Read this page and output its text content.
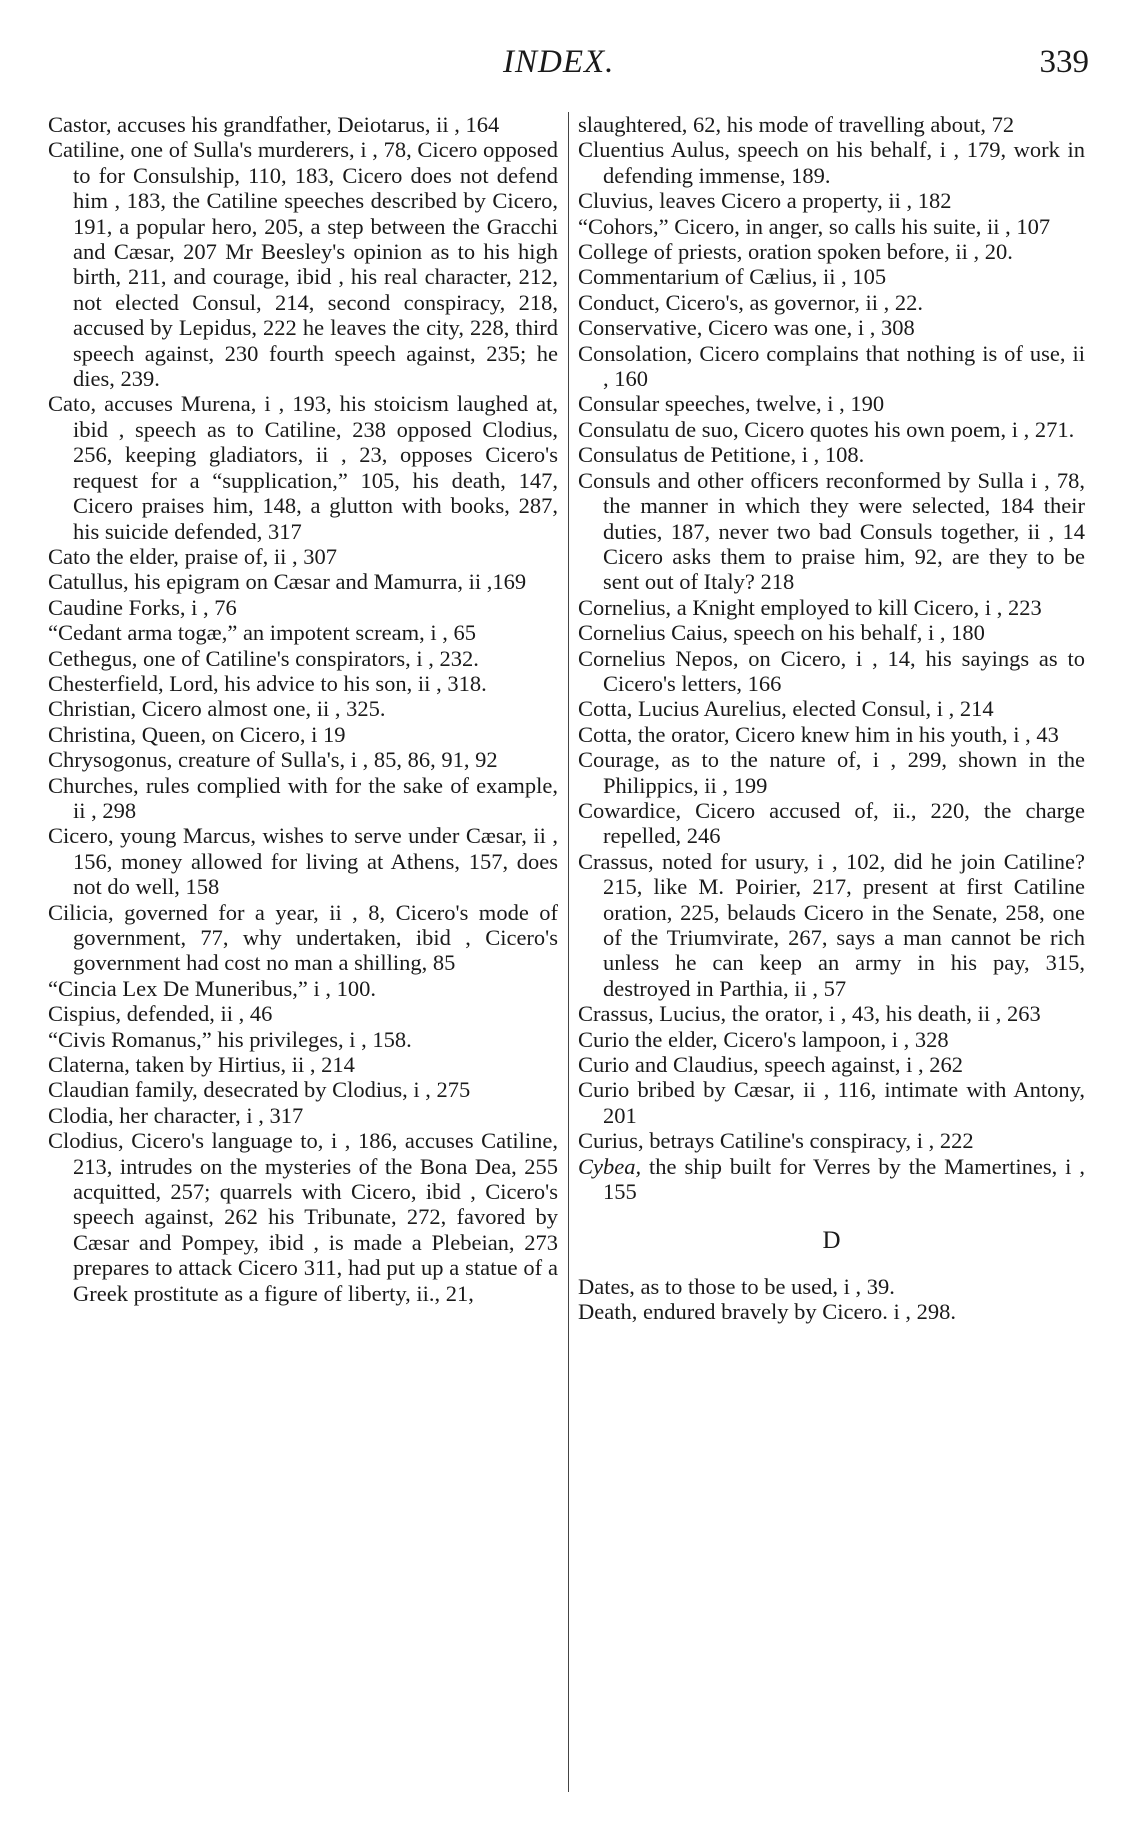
INDEX.	339

Castor, accuses his grandfather, Deiotarus, ii , 164

Catiline, one of Sulla's murderers, i , 78, Cicero opposed to for Consulship, 110, 183, Cicero does not defend him , 183, the Catiline speeches described by Cicero, 191, a popular hero, 205, a step between the Gracchi and Cæsar, 207 Mr Beesley's opinion as to his high birth, 211, and courage, ibid , his real character, 212, not elected Consul, 214, second conspiracy, 218, accused by Lepidus, 222 he leaves the city, 228, third speech against, 230 fourth speech against, 235; he dies, 239.

Cato, accuses Murena, i , 193, his stoicism laughed at, ibid , speech as to Catiline, 238 opposed Clodius, 256, keeping gladiators, ii , 23, opposes Cicero's request for a “supplication,” 105, his death, 147, Cicero praises him, 148, a glutton with books, 287, his suicide defended, 317

Cato the elder, praise of, ii , 307

Catullus, his epigram on Cæsar and Mamurra, ii ,169

Caudine Forks, i , 76

“Cedant arma togæ,” an impotent scream, i , 65

Cethegus, one of Catiline's conspirators, i , 232.

Chesterfield, Lord, his advice to his son, ii , 318.

Christian, Cicero almost one, ii , 325.

Christina, Queen, on Cicero, i 19

Chrysogonus, creature of Sulla's, i , 85, 86, 91, 92

Churches, rules complied with for the sake of example, ii , 298

Cicero, young Marcus, wishes to serve under Cæsar, ii , 156, money allowed for living at Athens, 157, does not do well, 158

Cilicia, governed for a year, ii , 8, Cicero's mode of government, 77, why undertaken, ibid , Cicero's government had cost no man a shilling, 85

“Cincia Lex De Muneribus,” i , 100.

Cispius, defended, ii , 46

“Civis Romanus,” his privileges, i , 158.

Claterna, taken by Hirtius, ii , 214

Claudian family, desecrated by Clodius, i , 275

Clodia, her character, i , 317

Clodius, Cicero's language to, i , 186, accuses Catiline, 213, intrudes on the mysteries of the Bona Dea, 255 acquitted, 257; quarrels with Cicero, ibid , Cicero's speech against, 262 his Tribunate, 272, favored by Cæsar and Pompey, ibid , is made a Plebeian, 273 prepares to attack Cicero 311, had put up a statue of a Greek prostitute as a figure of liberty, ii., 21,

slaughtered, 62, his mode of travelling about, 72

Cluentius Aulus, speech on his behalf, i , 179, work in defending immense, 189.

Cluvius, leaves Cicero a property, ii , 182

“Cohors,” Cicero, in anger, so calls his suite, ii , 107

College of priests, oration spoken before, ii , 20.

Commentarium of Cælius, ii , 105

Conduct, Cicero's, as governor, ii , 22.

Conservative, Cicero was one, i , 308

Consolation, Cicero complains that nothing is of use, ii , 160

Consular speeches, twelve, i , 190

Consulatu de suo, Cicero quotes his own poem, i , 271.

Consulatus de Petitione, i , 108.

Consuls and other officers reconformed by Sulla i , 78, the manner in which they were selected, 184 their duties, 187, never two bad Consuls together, ii , 14 Cicero asks them to praise him, 92, are they to be sent out of Italy? 218

Cornelius, a Knight employed to kill Cicero, i , 223

Cornelius Caius, speech on his behalf, i , 180

Cornelius Nepos, on Cicero, i , 14, his sayings as to Cicero's letters, 166

Cotta, Lucius Aurelius, elected Consul, i , 214

Cotta, the orator, Cicero knew him in his youth, i , 43

Courage, as to the nature of, i , 299, shown in the Philippics, ii , 199

Cowardice, Cicero accused of, ii., 220, the charge repelled, 246

Crassus, noted for usury, i , 102, did he join Catiline? 215, like M. Poirier, 217, present at first Catiline oration, 225, belauds Cicero in the Senate, 258, one of the Triumvirate, 267, says a man cannot be rich unless he can keep an army in his pay, 315, destroyed in Parthia, ii , 57

Crassus, Lucius, the orator, i , 43, his death, ii , 263

Curio the elder, Cicero's lampoon, i , 328

Curio and Claudius, speech against, i , 262

Curio bribed by Cæsar, ii , 116, intimate with Antony, 201

Curius, betrays Catiline's conspiracy, i , 222

Cybea, the ship built for Verres by the Mamertines, i , 155

D

Dates, as to those to be used, i , 39.

Death, endured bravely by Cicero. i , 298.
